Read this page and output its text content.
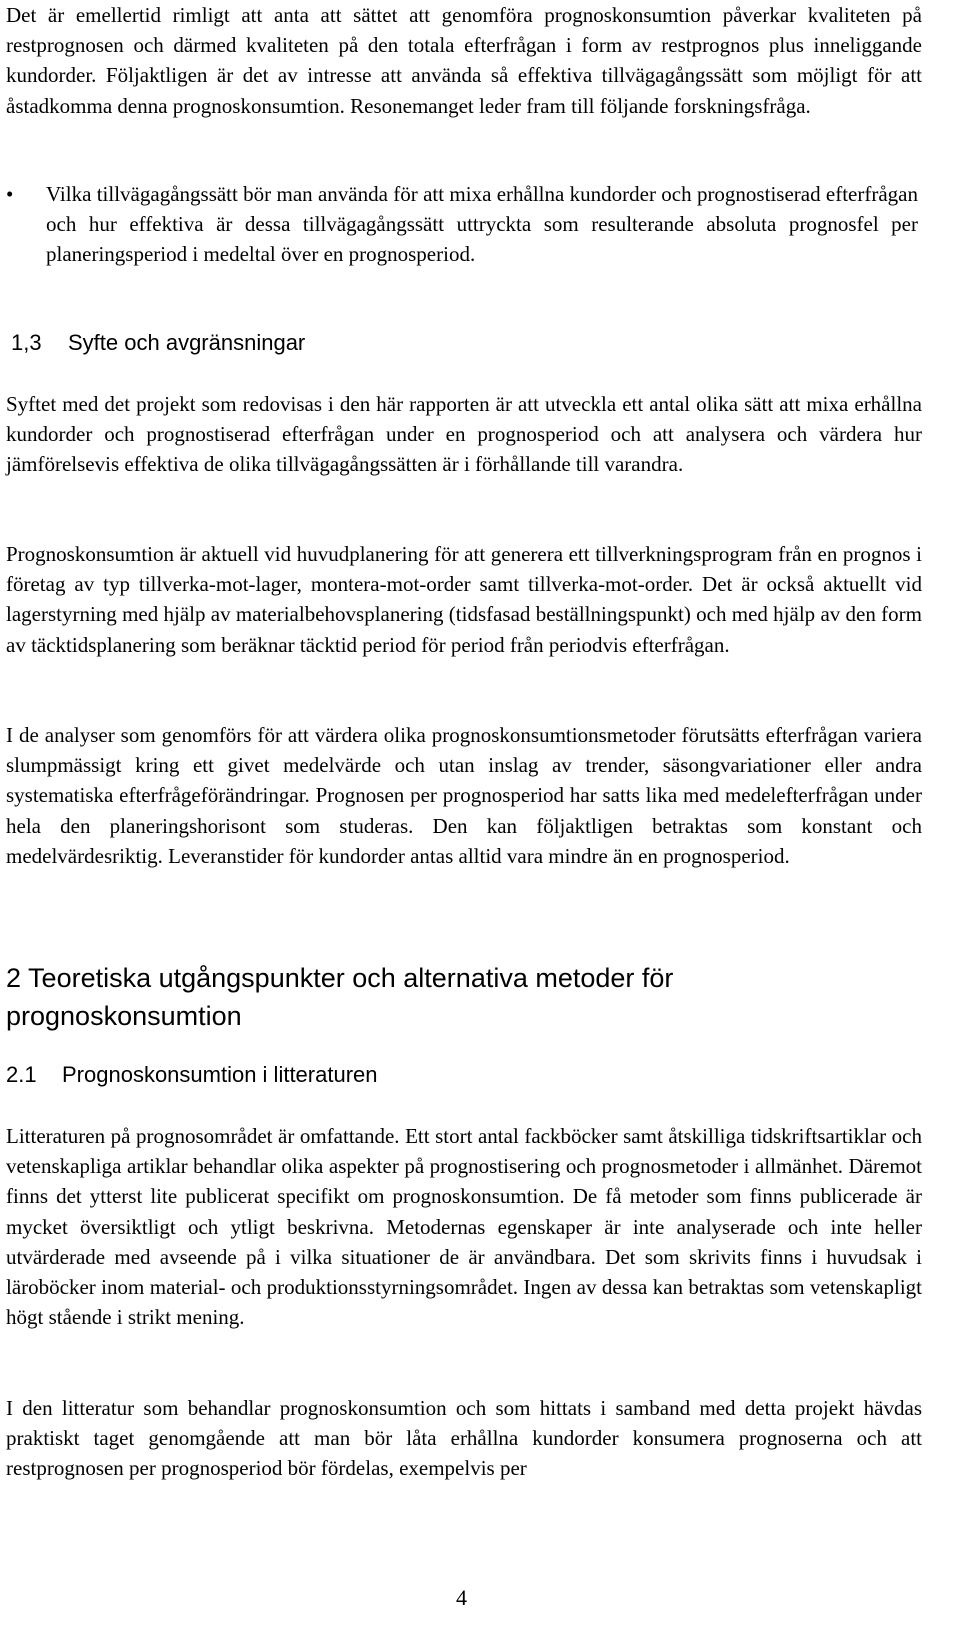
Det är emellertid rimligt att anta att sättet att genomföra prognoskonsumtion påverkar kvaliteten på restprognosen och därmed kvaliteten på den totala efterfrågan i form av restprognos plus inneliggande kundorder. Följaktligen är det av intresse att använda så effektiva tillvägagångssätt som möjligt för att åstadkomma denna prognoskonsumtion. Resonemanget leder fram till följande forskningsfråga.

• Vilka tillvägagångssätt bör man använda för att mixa erhållna kundorder och prognostiserad efterfrågan och hur effektiva är dessa tillvägagångssätt uttryckta som resulterande absoluta prognosfel per planeringsperiod i medeltal över en prognosperiod.

1,3 Syfte och avgränsningar

Syftet med det projekt som redovisas i den här rapporten är att utveckla ett antal olika sätt att mixa erhållna kundorder och prognostiserad efterfrågan under en prognosperiod och att analysera och värdera hur jämförelsevis effektiva de olika tillvägagångssätten är i förhållande till varandra.

Prognoskonsumtion är aktuell vid huvudplanering för att generera ett tillverkningsprogram från en prognos i företag av typ tillverka-mot-lager, montera-mot-order samt tillverka-mot-order. Det är också aktuellt vid lagerstyrning med hjälp av materialbehovsplanering (tidsfasad beställningspunkt) och med hjälp av den form av täcktidsplanering som beräknar täcktid period för period från periodvis efterfrågan.

I de analyser som genomförs för att värdera olika prognoskonsumtionsmetoder förutsätts efterfrågan variera slumpmässigt kring ett givet medelvärde och utan inslag av trender, säsongvariationer eller andra systematiska efterfrågeförändringar. Prognosen per prognosperiod har satts lika med medelefterfrågan under hela den planeringshorisont som studeras. Den kan följaktligen betraktas som konstant och medelvärdesriktig. Leveranstider för kundorder antas alltid vara mindre än en prognosperiod.

2 Teoretiska utgångspunkter och alternativa metoder för prognoskonsumtion
2.1 Prognoskonsumtion i litteraturen

Litteraturen på prognosområdet är omfattande. Ett stort antal fackböcker samt åtskilliga tidskriftsartiklar och vetenskapliga artiklar behandlar olika aspekter på prognostisering och prognosmetoder i allmänhet. Däremot finns det ytterst lite publicerat specifikt om prognoskonsumtion. De få metoder som finns publicerade är mycket översiktligt och ytligt beskrivna. Metodernas egenskaper är inte analyserade och inte heller utvärderade med avseende på i vilka situationer de är användbara. Det som skrivits finns i huvudsak i läroböcker inom material- och produktionsstyrningsområdet. Ingen av dessa kan betraktas som vetenskapligt högt stående i strikt mening.

I den litteratur som behandlar prognoskonsumtion och som hittats i samband med detta projekt hävdas praktiskt taget genomgående att man bör låta erhållna kundorder konsumera prognoserna och att restprognosen per prognosperiod bör fördelas, exempelvis per

4
